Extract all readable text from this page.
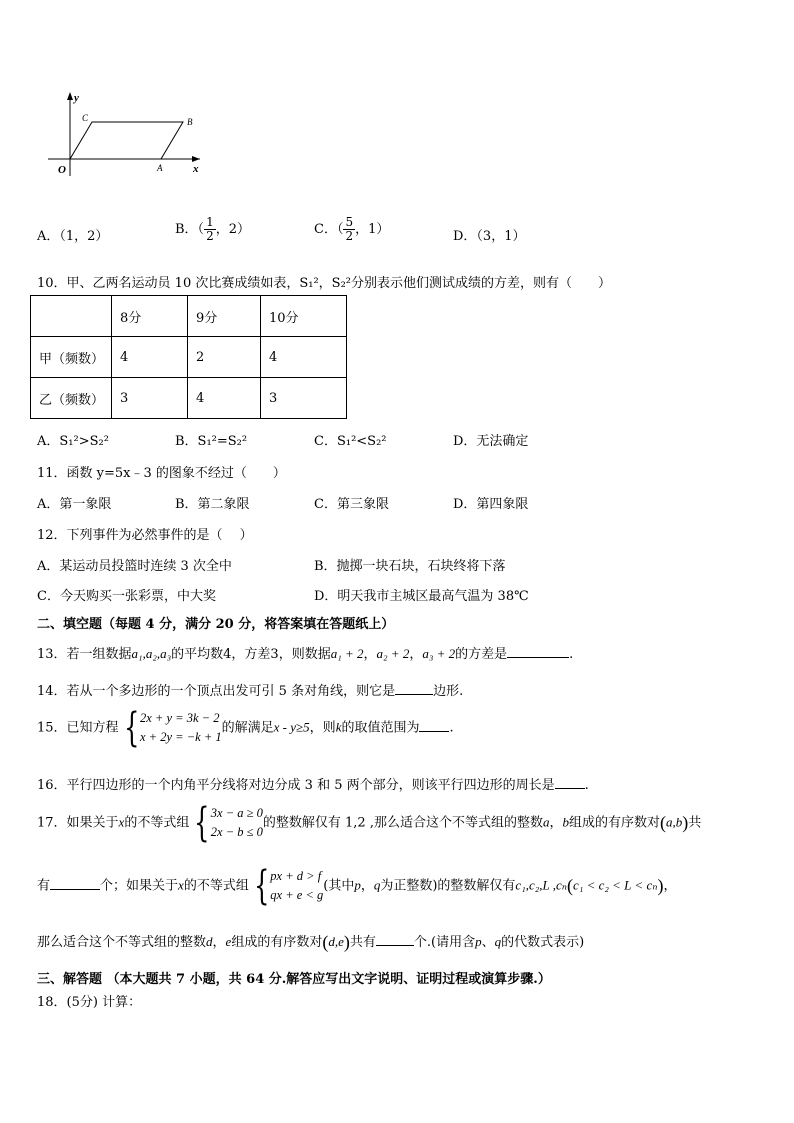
y
x
O	A
B
C
A．（1，2）	B．（ $\frac{1}{2}$ ，2）	C．（ $\frac{5}{2}$ ，1）	D．（3，1）
10．甲、乙两名运动员 10 次比赛成绩如表，S₁²，S₂²分别表示他们测试成绩的方差，则有（　　）
	8分	9分	10分
甲（频数）	4	2	4
乙（频数）	3	4	3
A．S₁²>S₂²	B．S₁²=S₂²	C．S₁²<S₂²	D．无法确定
11．函数 y=5x﹣3 的图象不经过（　　）
A．第一象限	B．第二象限	C．第三象限	D．第四象限
12．下列事件为必然事件的是（　 ）
A．某运动员投篮时连续 3 次全中	B．抛掷一块石块，石块终将下落
C．今天购买一张彩票，中大奖	D．明天我市主城区最高气温为 38℃
二、填空题（每题 4 分，满分 20 分，将答案填在答题纸上）
13．若一组数据a₁,a₂,a₃的平均数4，方差3，则数据a₁ + 2，a₂ + 2，a₃ + 2的方差是	.
14．若从一个多边形的一个顶点出发可引 5 条对角线，则它是	边形.
15．已知方程 { 2x + y = 3k − 2
x + 2y = −k + 1
的解满足x - y≥5，则k的取值范围为 .
16．平行四边形的一个内角平分线将对边分成 3 和 5 两个部分，则该平行四边形的周长是 .
17．如果关于x的不等式组 { 3x − a ≥ 0
2x − b ≤ 0
的整数解仅有 1,2 ,那么适合这个不等式组的整数a，b组成的有序数对(a,b)共
有	个；如果关于x的不等式组 { px + d > f
qx + e < g
(其中p，q为正整数)的整数解仅有c₁,c₂,L ,cₙ(c₁ < c₂ < L < cₙ)，
那么适合这个不等式组的整数d，e组成的有序数对(d,e)共有	个.(请用含p、q的代数式表示)
三、解答题 （本大题共 7 小题，共 64 分.解答应写出文字说明、证明过程或演算步骤.）
18．(5分) 计算：
